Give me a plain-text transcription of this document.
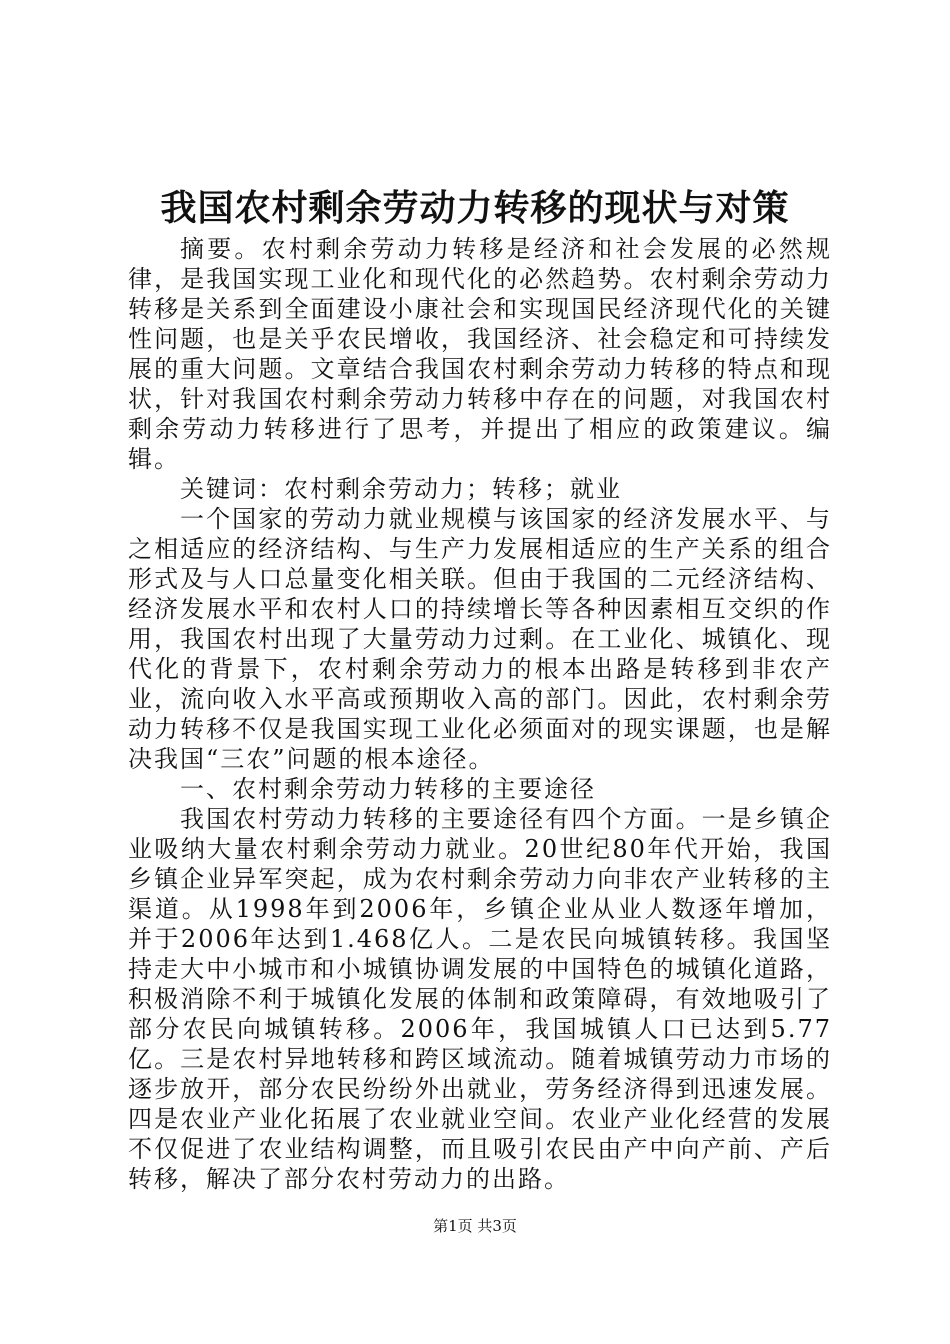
我国农村剩余劳动力转移的现状与对策

摘要。农村剩余劳动力转移是经济和社会发展的必然规律，是我国实现工业化和现代化的必然趋势。农村剩余劳动力转移是关系到全面建设小康社会和实现国民经济现代化的关键性问题，也是关乎农民增收，我国经济、社会稳定和可持续发展的重大问题。文章结合我国农村剩余劳动力转移的特点和现状，针对我国农村剩余劳动力转移中存在的问题，对我国农村剩余劳动力转移进行了思考，并提出了相应的政策建议。编辑。

关键词：农村剩余劳动力；转移；就业

一个国家的劳动力就业规模与该国家的经济发展水平、与之相适应的经济结构、与生产力发展相适应的生产关系的组合形式及与人口总量变化相关联。但由于我国的二元经济结构、经济发展水平和农村人口的持续增长等各种因素相互交织的作用，我国农村出现了大量劳动力过剩。在工业化、城镇化、现代化的背景下，农村剩余劳动力的根本出路是转移到非农产业，流向收入水平高或预期收入高的部门。因此，农村剩余劳动力转移不仅是我国实现工业化必须面对的现实课题，也是解决我国“三农”问题的根本途径。

一、农村剩余劳动力转移的主要途径

我国农村劳动力转移的主要途径有四个方面。一是乡镇企业吸纳大量农村剩余劳动力就业。20世纪80年代开始，我国乡镇企业异军突起，成为农村剩余劳动力向非农产业转移的主渠道。从1998年到2006年，乡镇企业从业人数逐年增加，并于2006年达到1.468亿人。二是农民向城镇转移。我国坚持走大中小城市和小城镇协调发展的中国特色的城镇化道路，积极消除不利于城镇化发展的体制和政策障碍，有效地吸引了部分农民向城镇转移。2006年，我国城镇人口已达到5.77亿。三是农村异地转移和跨区域流动。随着城镇劳动力市场的逐步放开，部分农民纷纷外出就业，劳务经济得到迅速发展。四是农业产业化拓展了农业就业空间。农业产业化经营的发展不仅促进了农业结构调整，而且吸引农民由产中向产前、产后转移，解决了部分农村劳动力的出路。

第1页 共3页
